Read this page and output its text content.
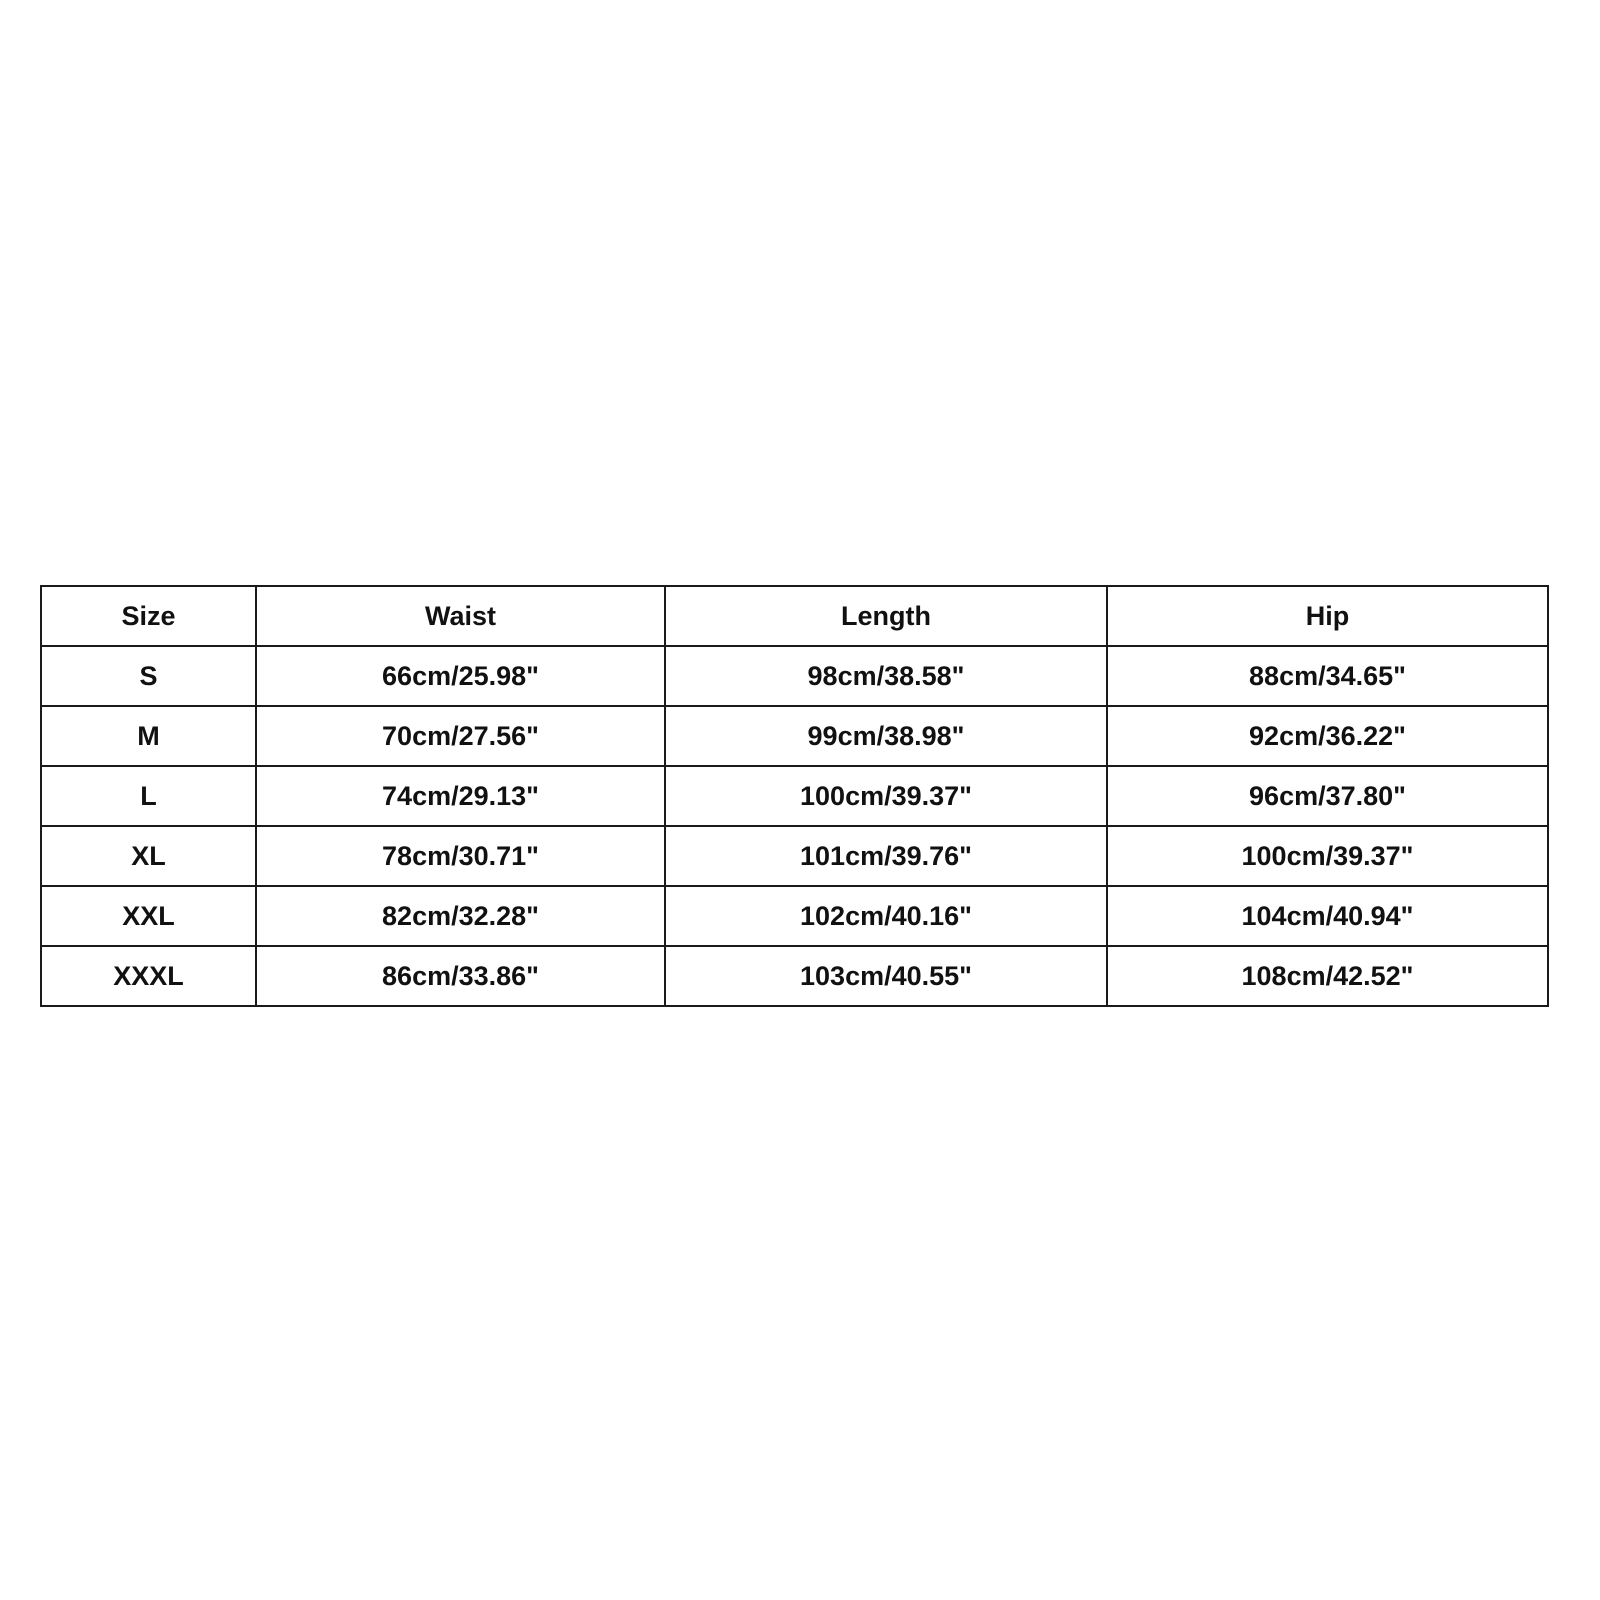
Size	Waist	Length	Hip
S	66cm/25.98"	98cm/38.58"	88cm/34.65"
M	70cm/27.56"	99cm/38.98"	92cm/36.22"
L	74cm/29.13"	100cm/39.37"	96cm/37.80"
XL	78cm/30.71"	101cm/39.76"	100cm/39.37"
XXL	82cm/32.28"	102cm/40.16"	104cm/40.94"
XXXL	86cm/33.86"	103cm/40.55"	108cm/42.52"
